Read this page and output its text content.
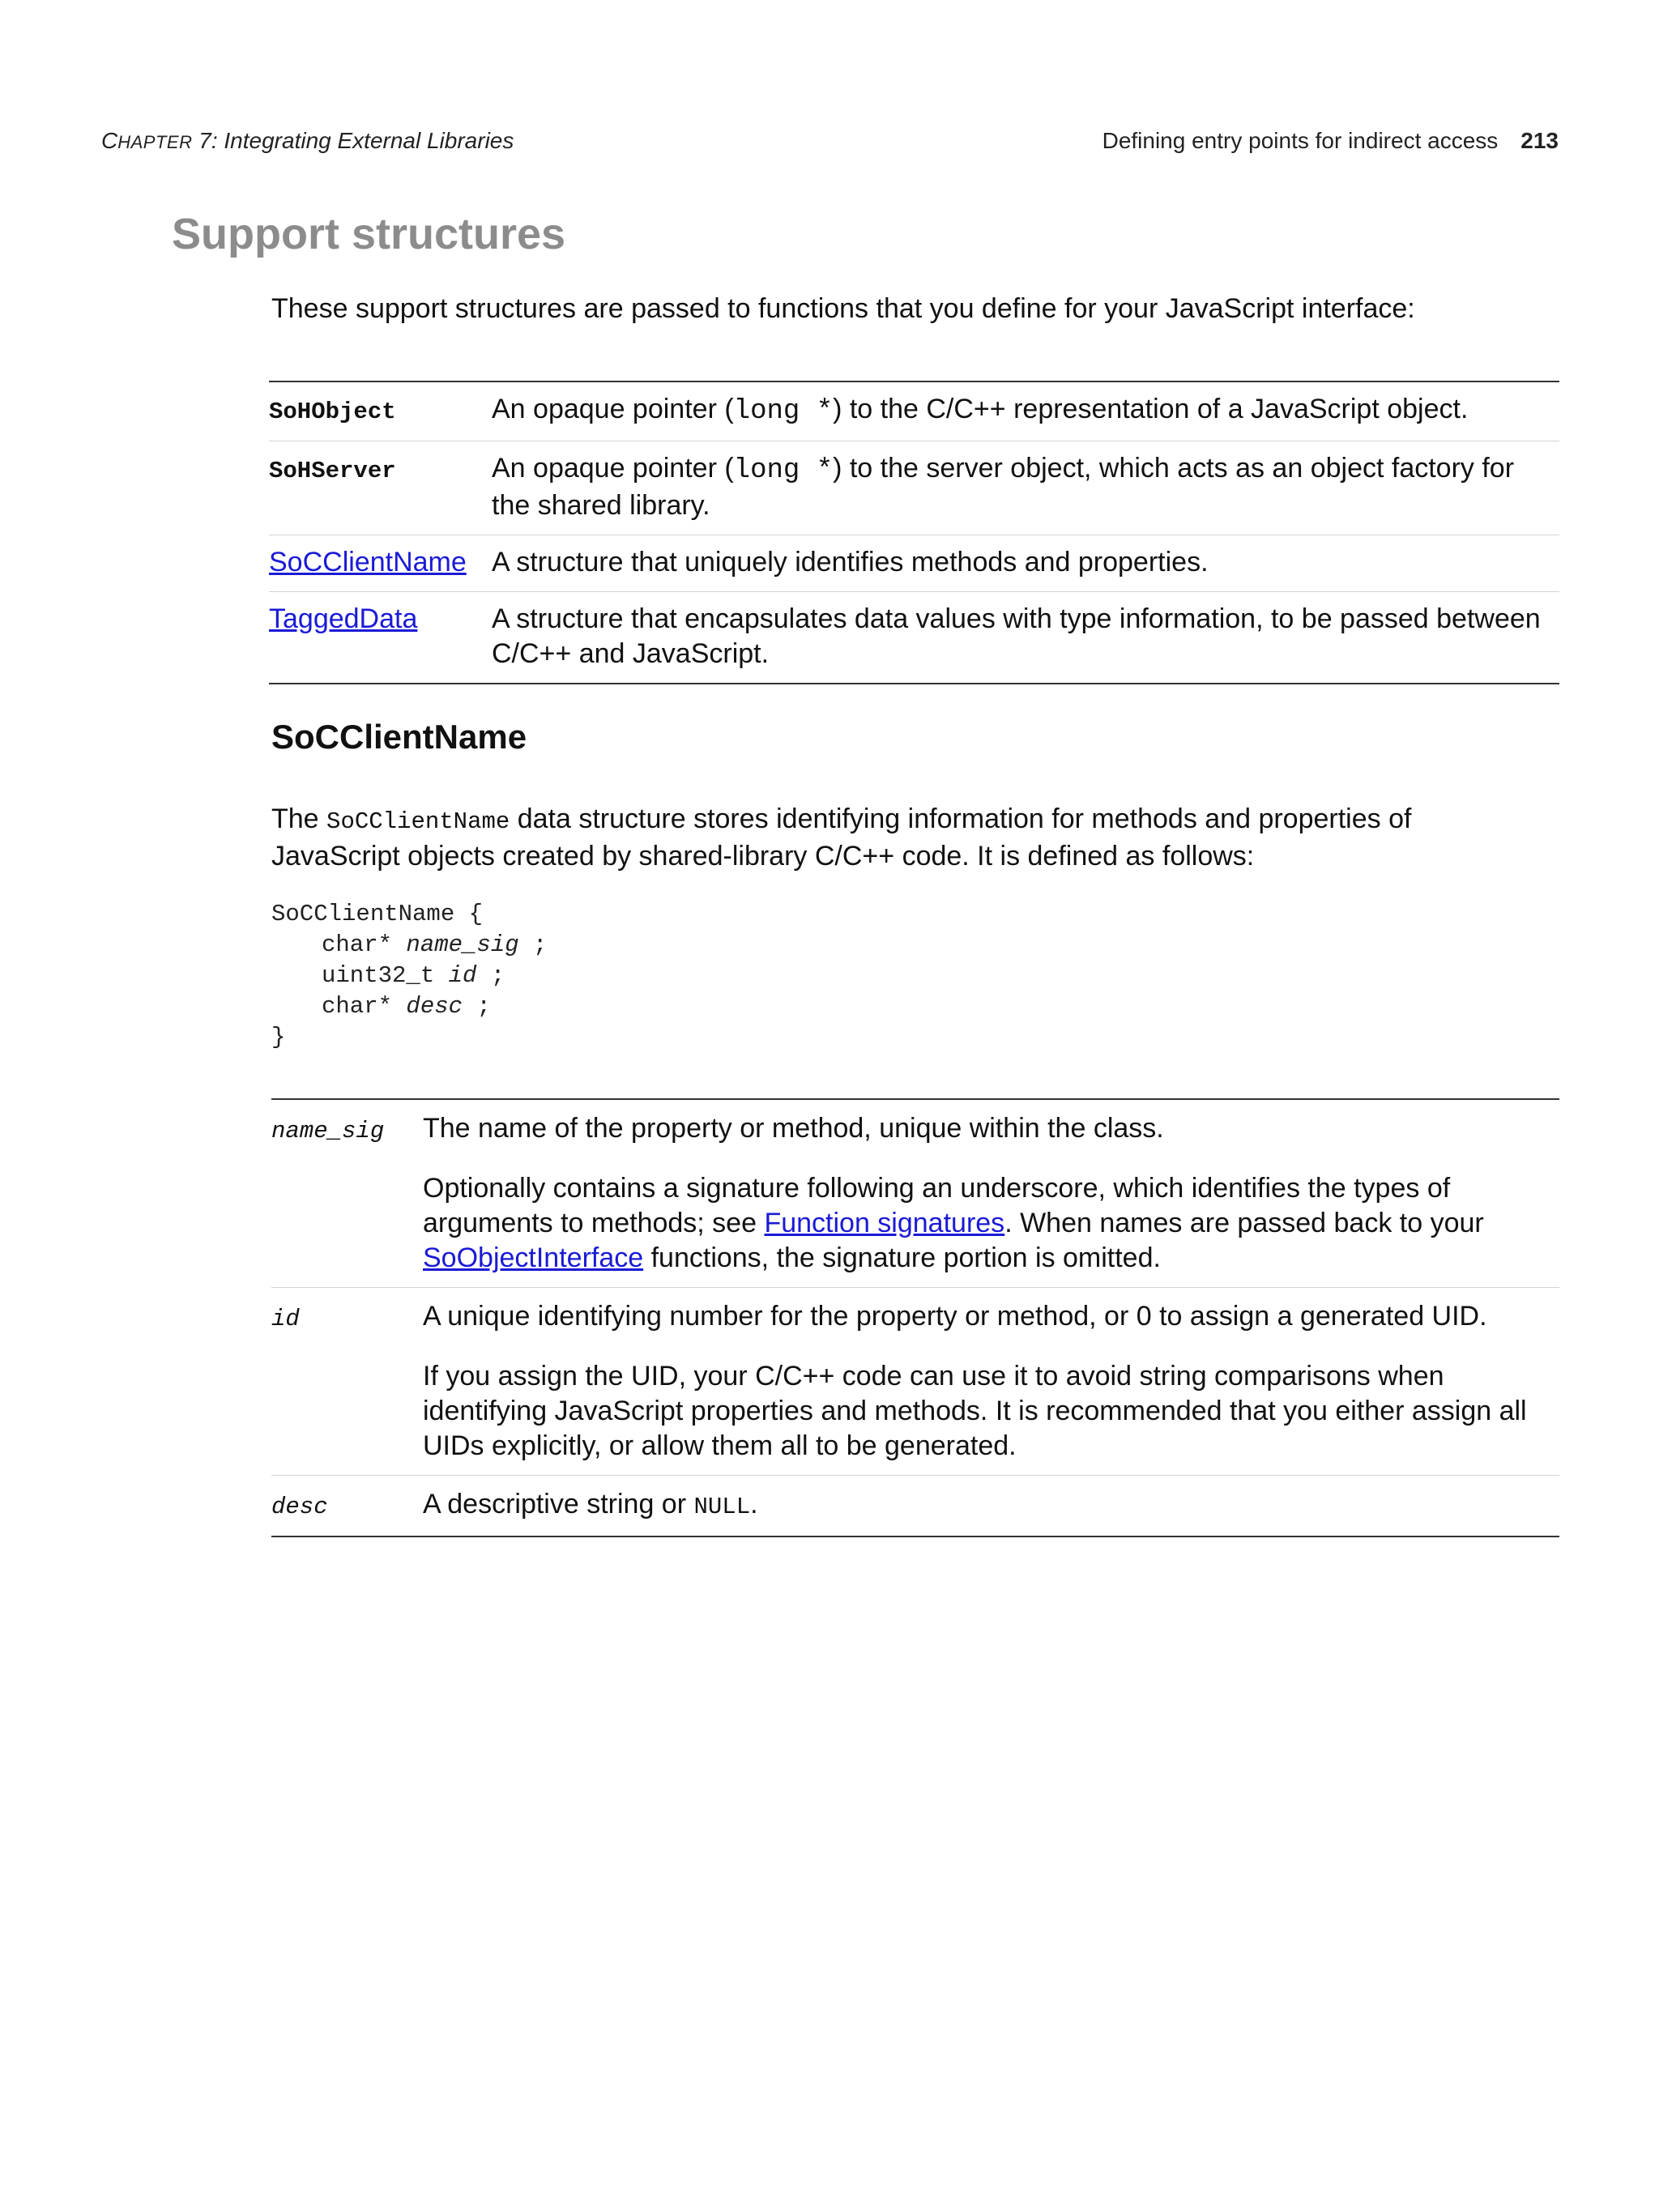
CHAPTER 7: Integrating External Libraries	Defining entry points for indirect access 213
Support structures

These support structures are passed to functions that you define for your JavaScript interface:

SoHObject	An opaque pointer (long *) to the C/C++ representation of a JavaScript object.
SoHServer	An opaque pointer (long *) to the server object, which acts as an object factory for the shared library.
SoCClientName	A structure that uniquely identifies methods and properties.
TaggedData	A structure that encapsulates data values with type information, to be passed between C/C++ and JavaScript.
SoCClientName

The SoCClientName data structure stores identifying information for methods and properties of JavaScript objects created by shared-library C/C++ code. It is defined as follows:

SoCClientName {
char* name_sig ;
uint32_t id ;
char* desc ;
}
name_sig	The name of the property or method, unique within the class.

Optionally contains a signature following an underscore, which identifies the types of arguments to methods; see Function signatures. When names are passed back to your SoObjectInterface functions, the signature portion is omitted.

id	A unique identifying number for the property or method, or 0 to assign a generated UID.

If you assign the UID, your C/C++ code can use it to avoid string comparisons when identifying JavaScript properties and methods. It is recommended that you either assign all UIDs explicitly, or allow them all to be generated.

desc	A descriptive string or NULL.
